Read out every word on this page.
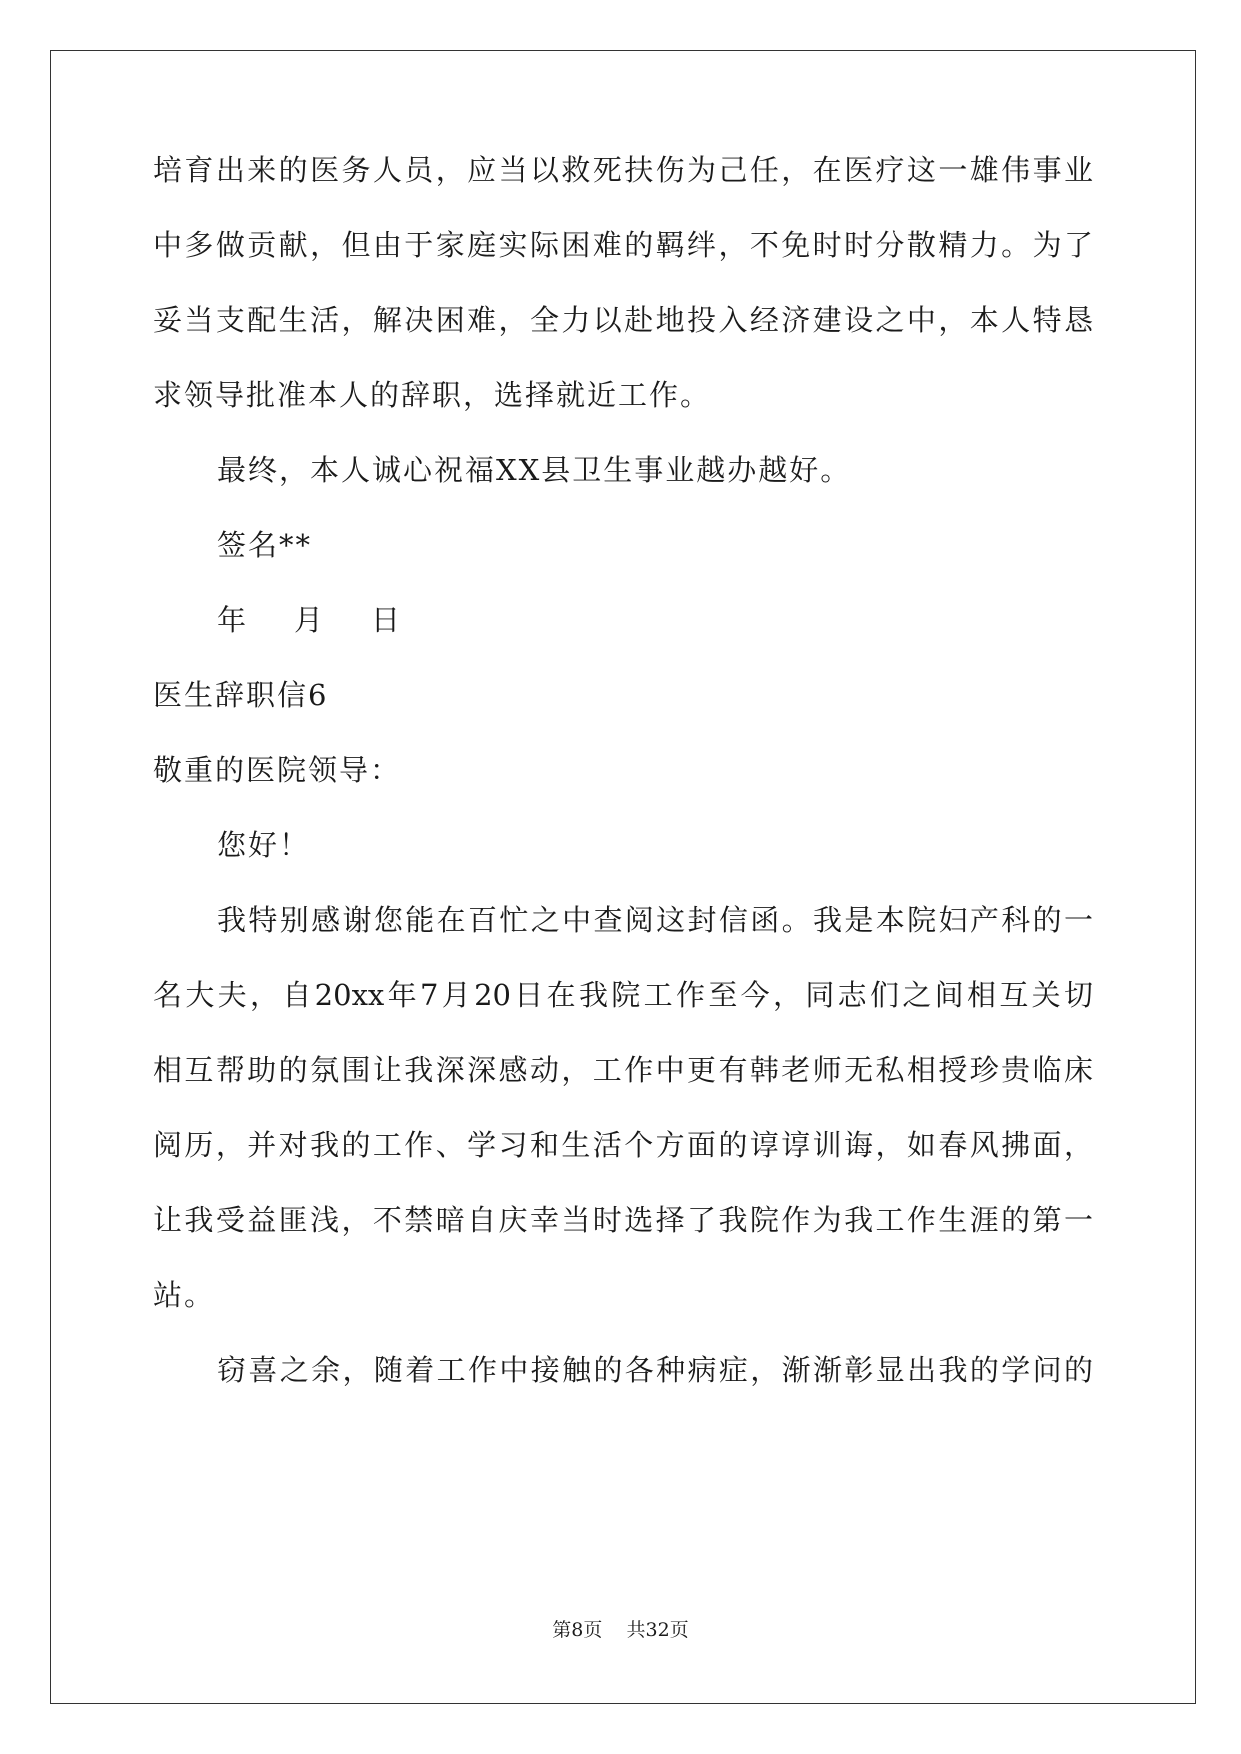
培育出来的医务人员，应当以救死扶伤为己任，在医疗这一雄伟事业
中多做贡献，但由于家庭实际困难的羁绊，不免时时分散精力。为了
妥当支配生活，解决困难，全力以赴地投入经济建设之中，本人特恳
求领导批准本人的辞职，选择就近工作。
最终，本人诚心祝福XX县卫生事业越办越好。
签名**
年 月 日
医生辞职信6
敬重的医院领导：
您好！
我特别感谢您能在百忙之中查阅这封信函。我是本院妇产科的一
名大夫，自20xx年7月20日在我院工作至今，同志们之间相互关切
相互帮助的氛围让我深深感动，工作中更有韩老师无私相授珍贵临床
阅历，并对我的工作、学习和生活个方面的谆谆训诲，如春风拂面，
让我受益匪浅，不禁暗自庆幸当时选择了我院作为我工作生涯的第一
站。
窃喜之余，随着工作中接触的各种病症，渐渐彰显出我的学问的
第8页    共32页
